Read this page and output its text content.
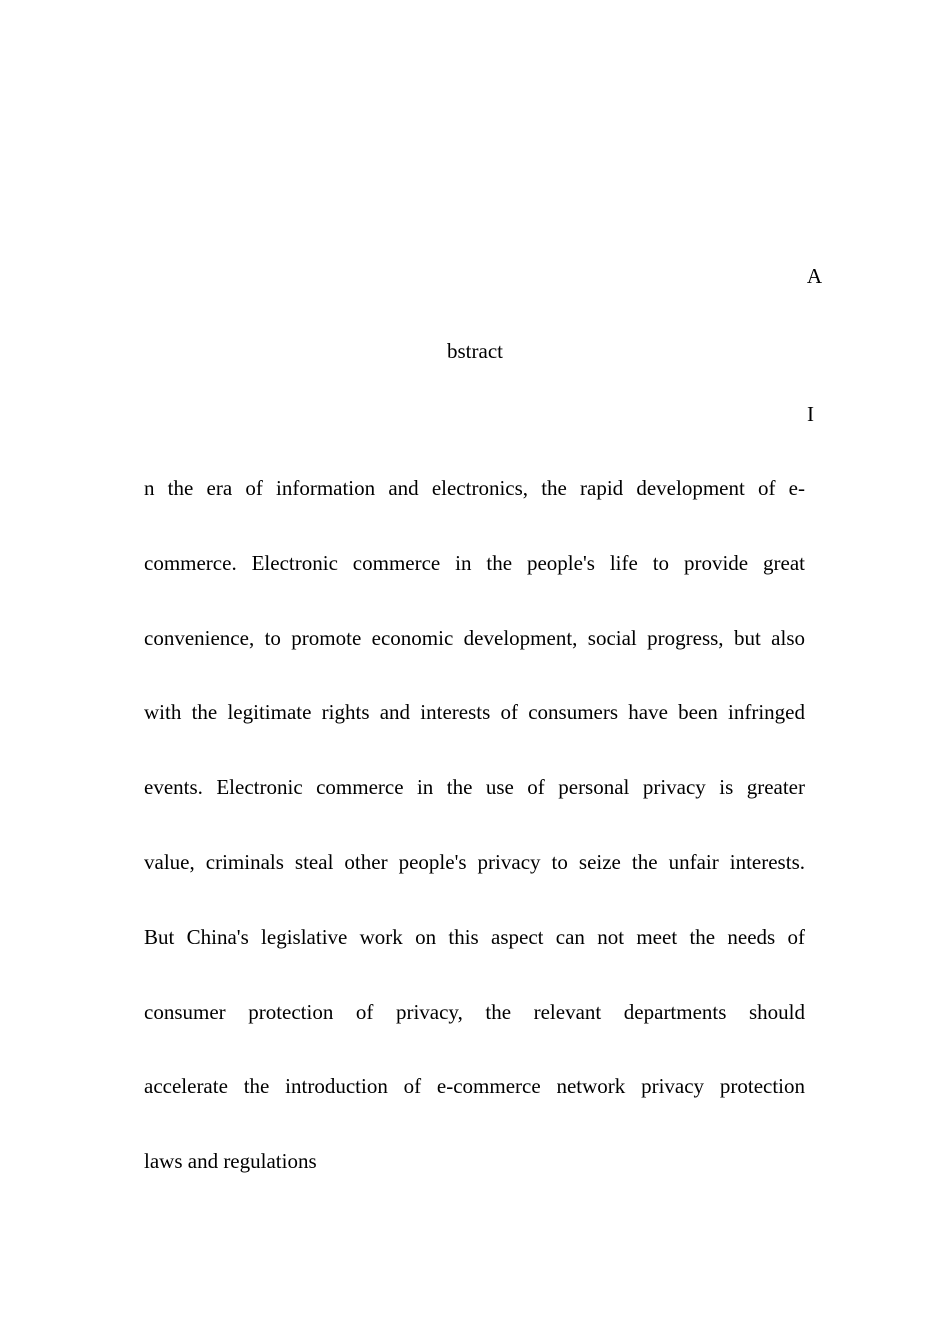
A
bstract
I
n the era of information and electronics, the rapid development of e-
commerce. Electronic commerce in the people's life to provide great
convenience, to promote economic development, social progress, but also
with the legitimate rights and interests of consumers have been infringed
events. Electronic commerce in the use of personal privacy is greater
value, criminals steal other people's privacy to seize the unfair interests.
But China's legislative work on this aspect can not meet the needs of
consumer protection of privacy, the relevant departments should
accelerate the introduction of e-commerce network privacy protection
laws and regulations
